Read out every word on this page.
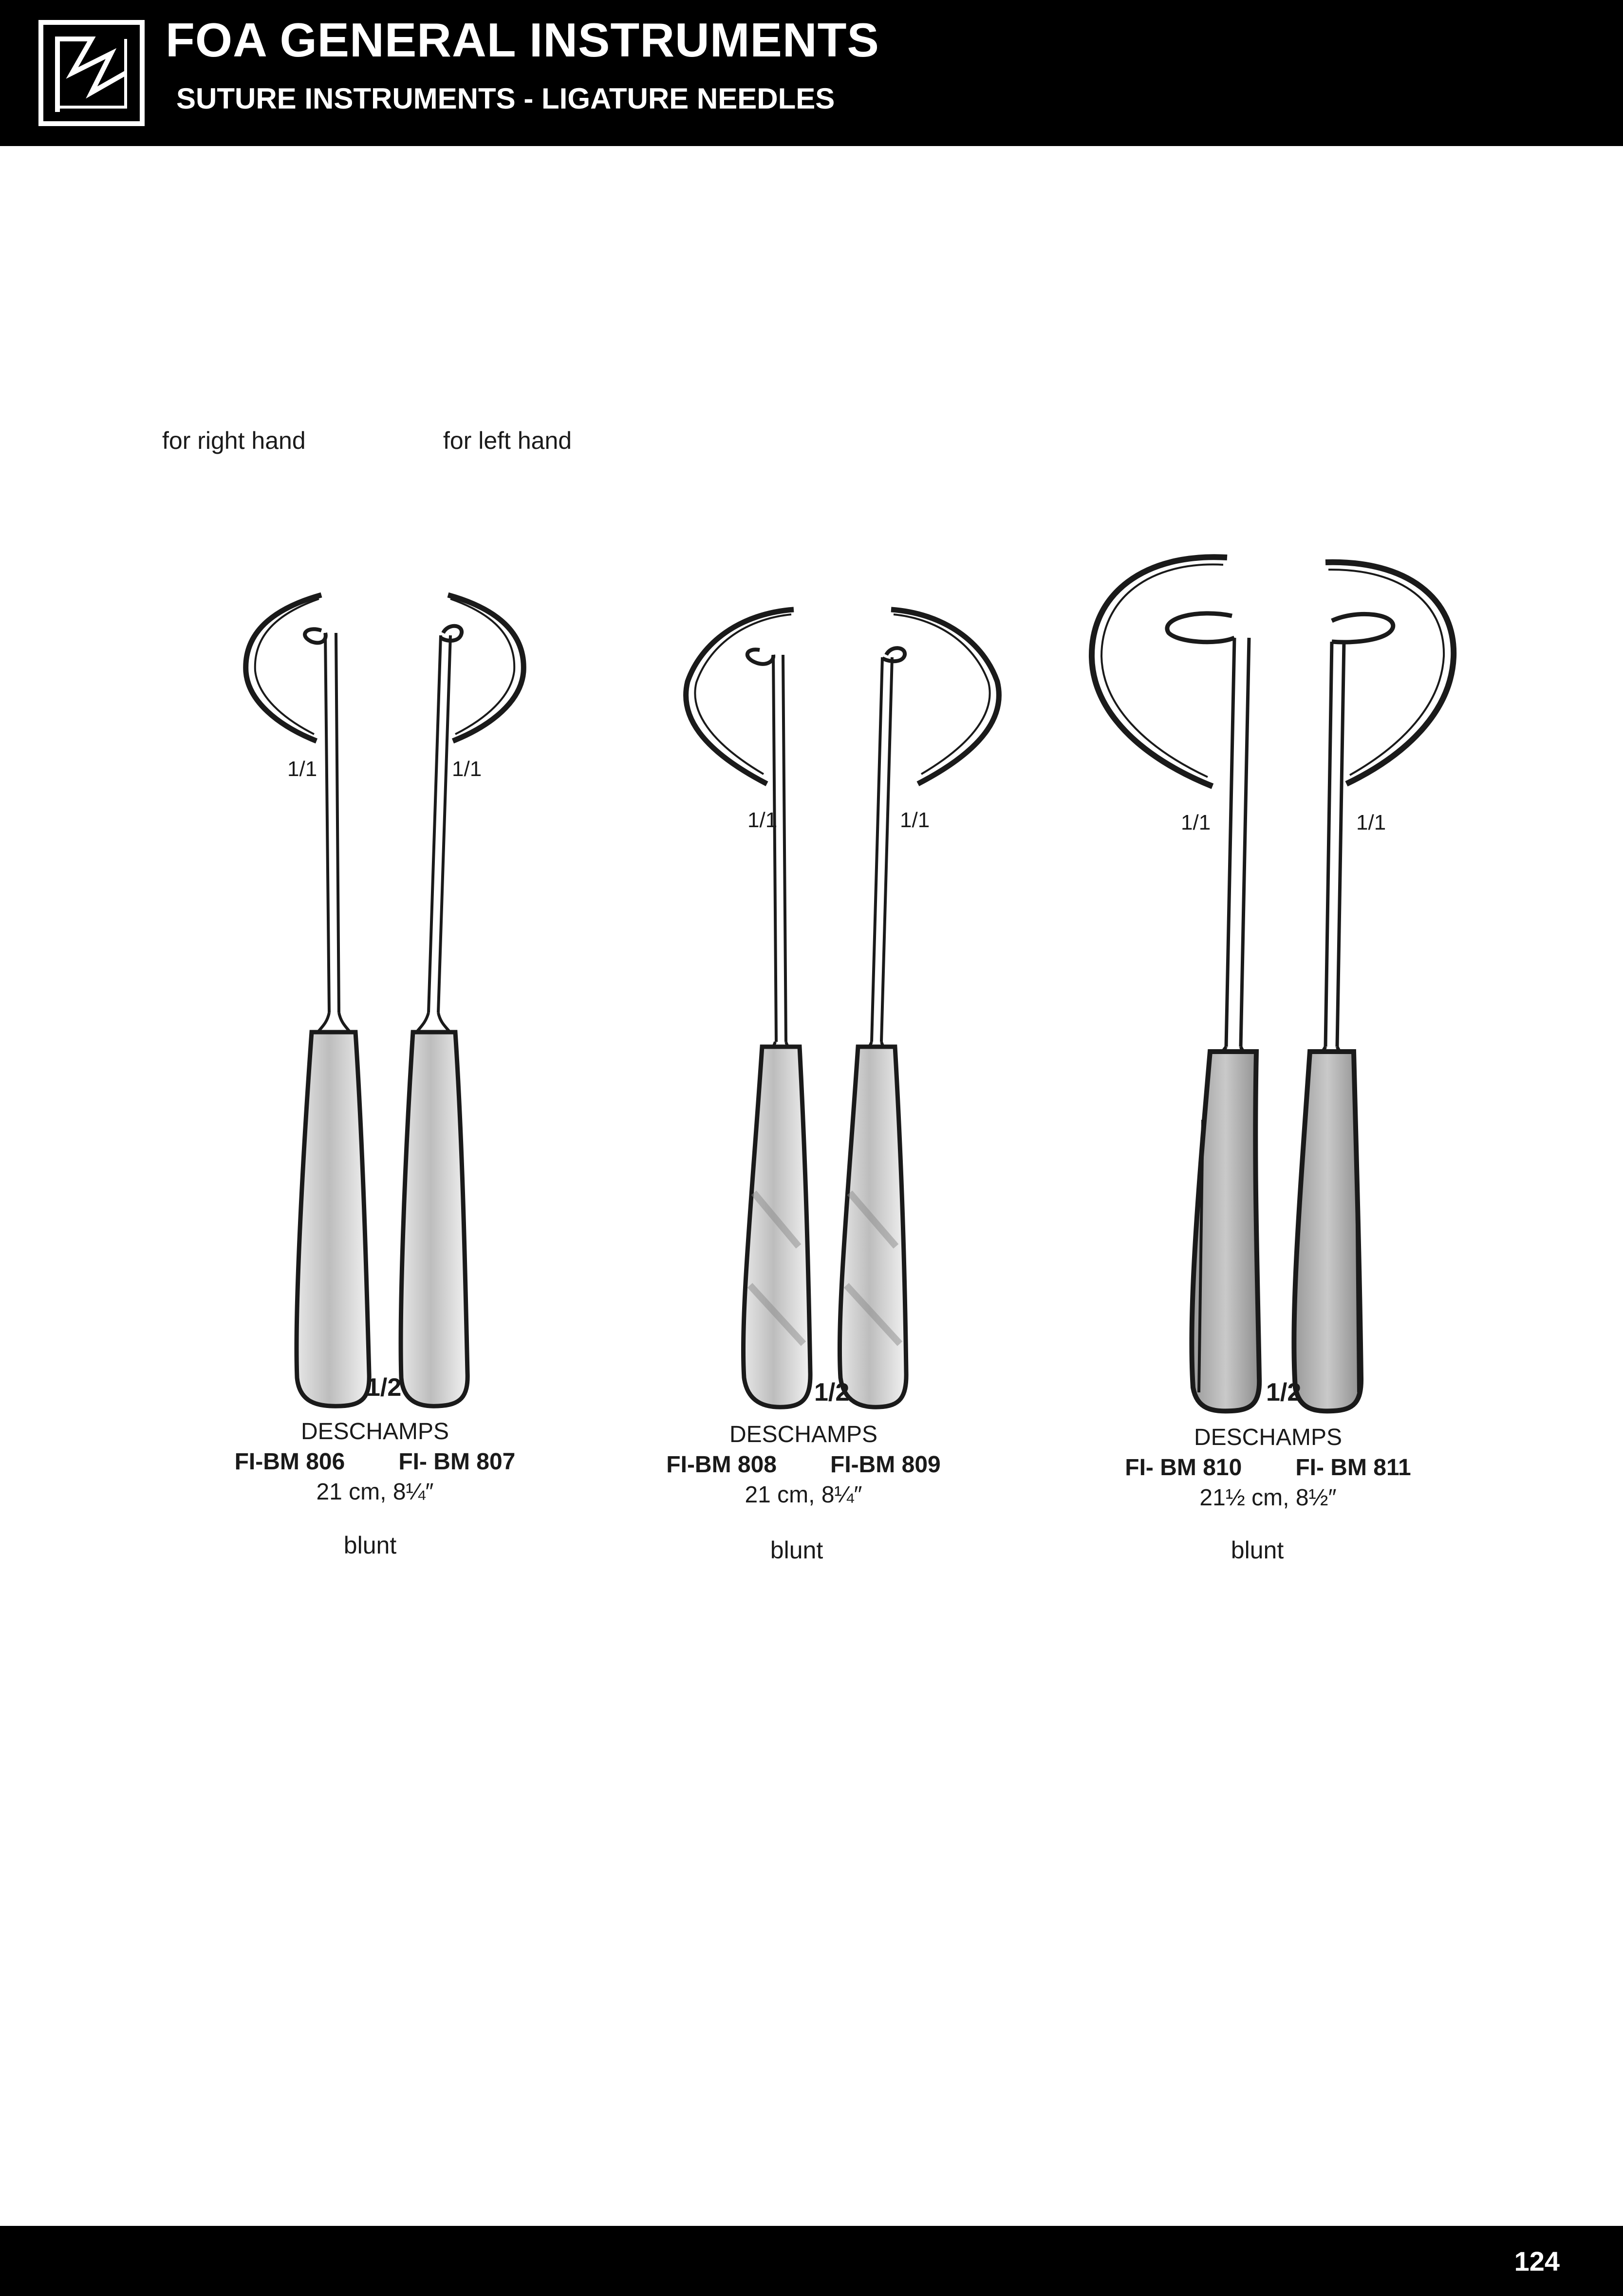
FOA GENERAL INSTRUMENTS
SUTURE INSTRUMENTS - LIGATURE NEEDLES
for right hand	for left hand
1/1	1/1
1/1	1/1	1/1	1/1
1/2	1/2	1/2
DESCHAMPS
FI-BM 806 FI- BM 807
21 cm, 8¼″
blunt
DESCHAMPS
FI-BM 808 FI-BM 809
21 cm, 8¼″
blunt
DESCHAMPS
FI- BM 810 FI- BM 811
21½ cm, 8½″
blunt
124
